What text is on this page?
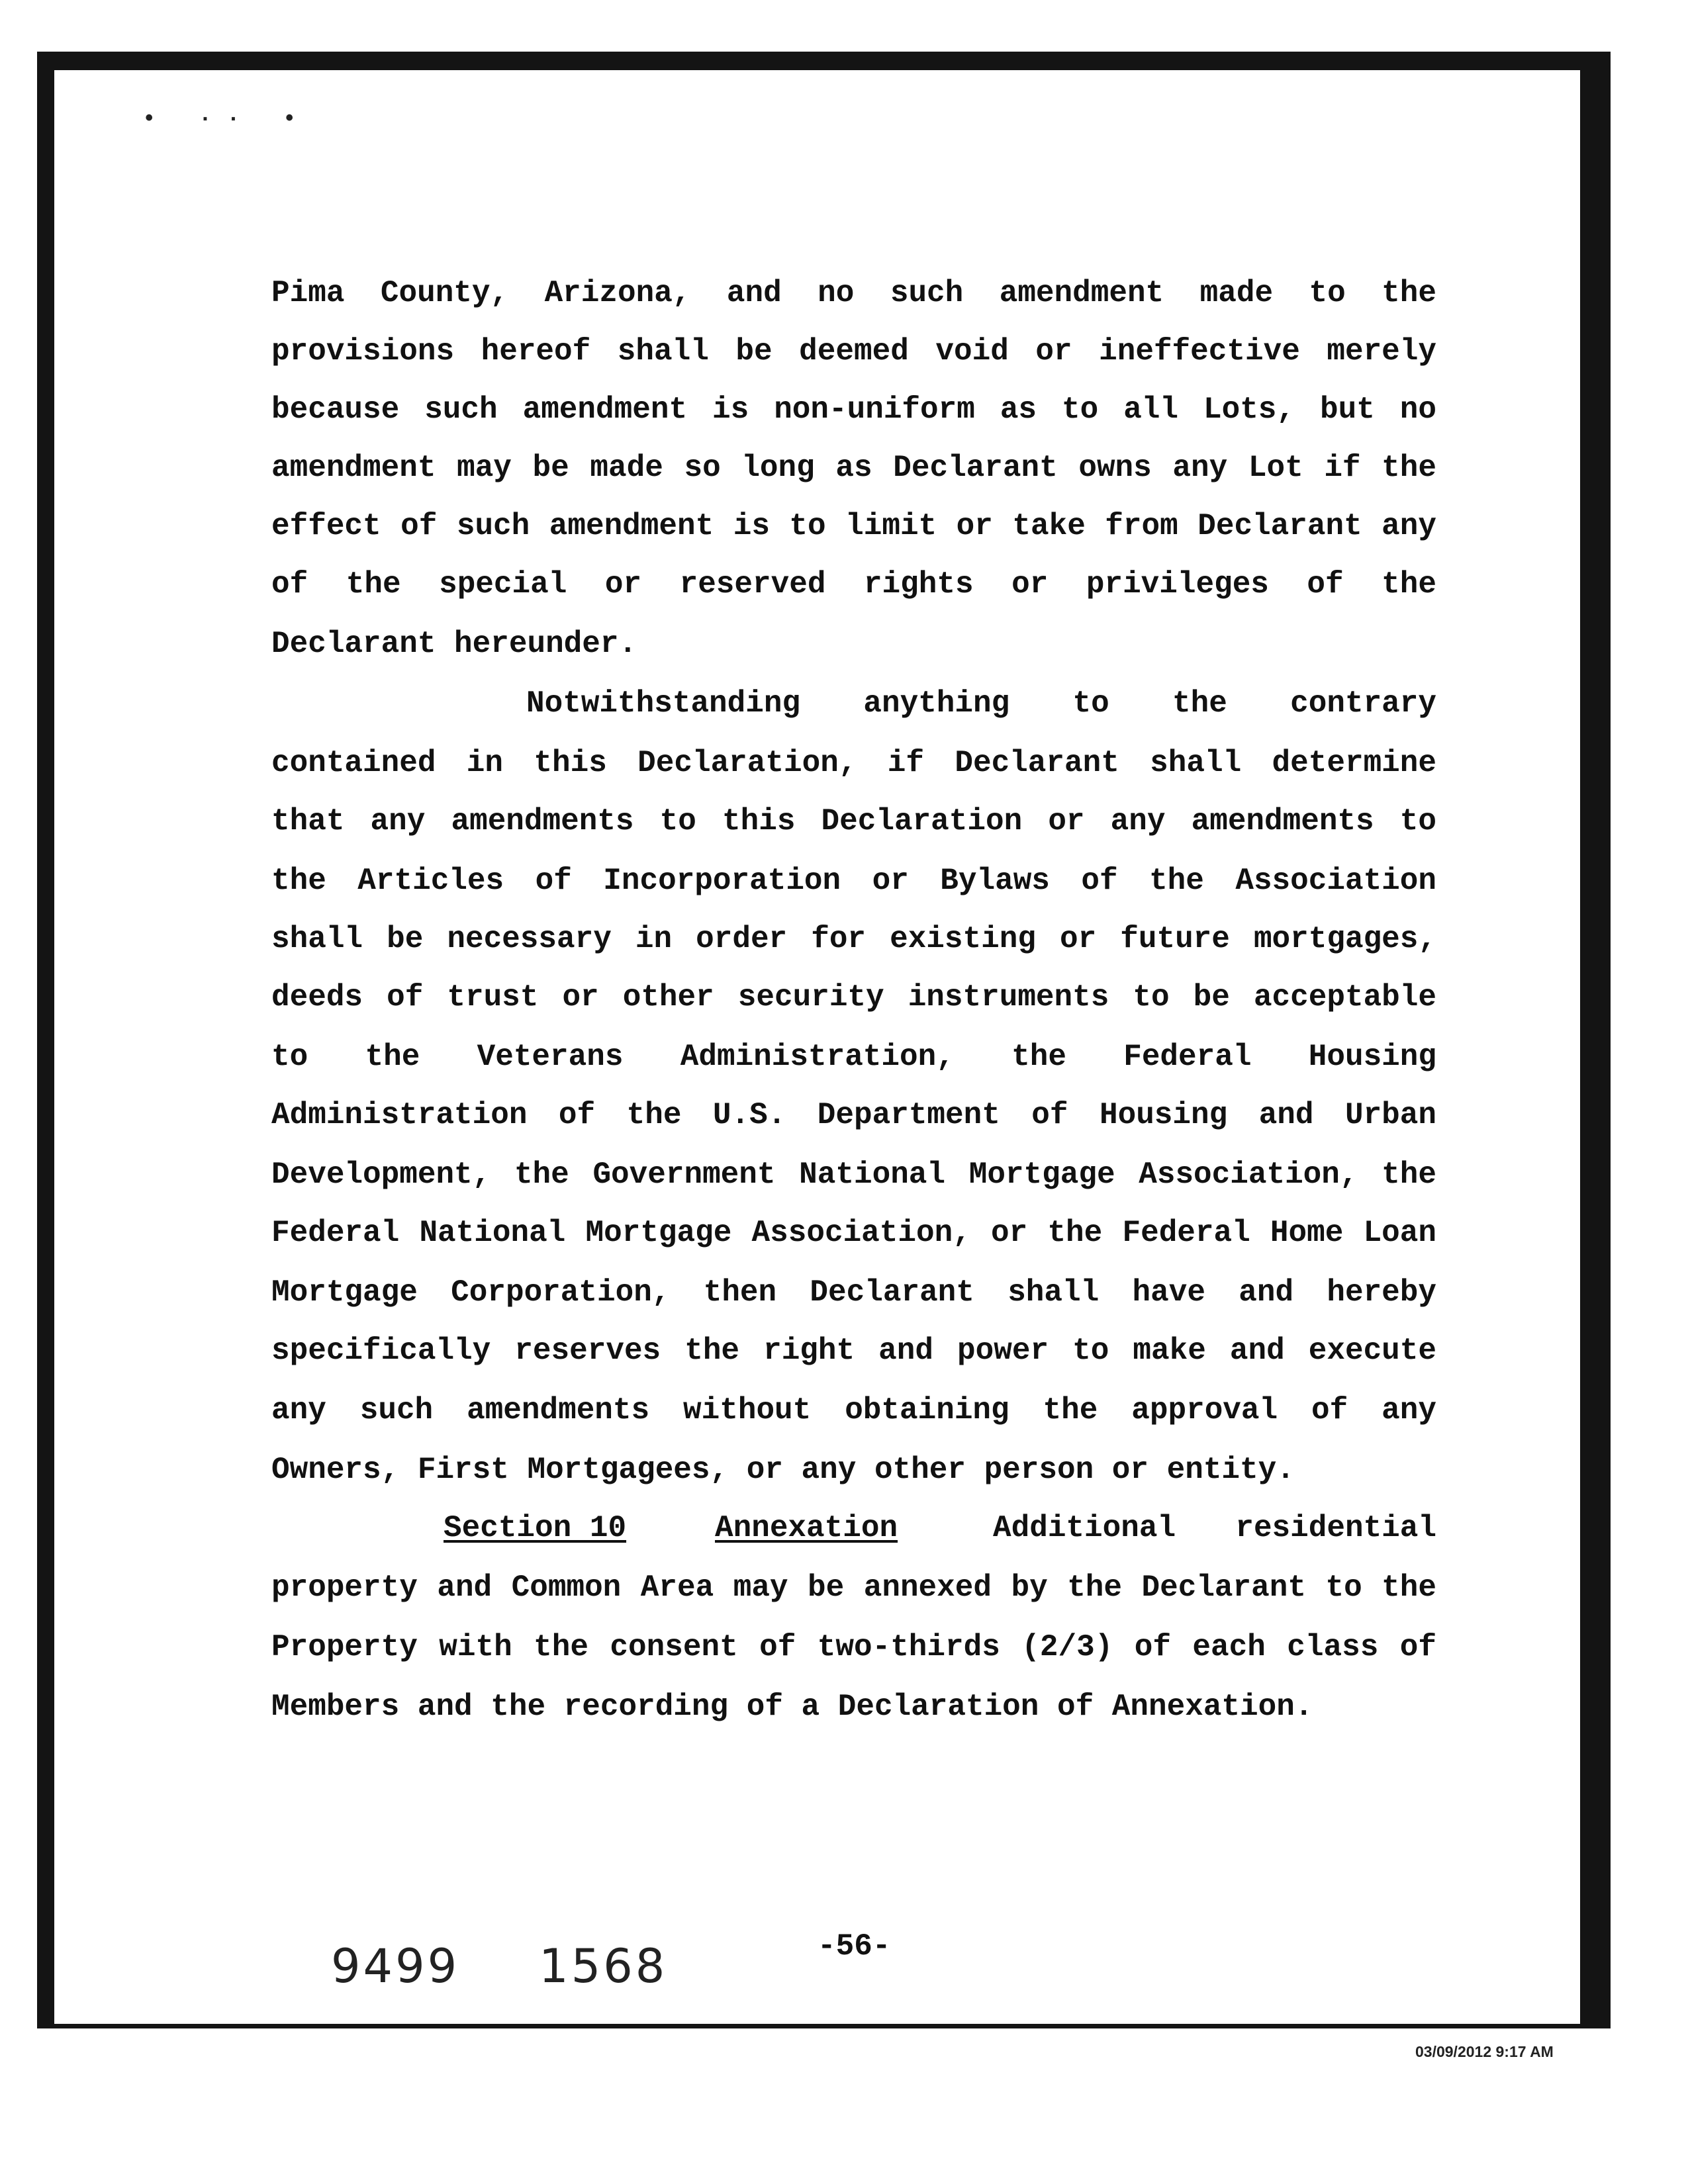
• ·· •
Pima County, Arizona, and no such amendment made to the
provisions hereof shall be deemed void or ineffective merely
because such amendment is non-uniform as to all Lots, but no
amendment may be made so long as Declarant owns any Lot if the
effect of such amendment is to limit or take from Declarant any
of the special or reserved rights or privileges of the
Declarant hereunder.
Notwithstanding anything to the contrary
contained in this Declaration, if Declarant shall determine
that any amendments to this Declaration or any amendments to
the Articles of Incorporation or Bylaws of the Association
shall be necessary in order for existing or future mortgages,
deeds of trust or other security instruments to be acceptable
to the Veterans Administration, the Federal Housing
Administration of the U.S. Department of Housing and Urban
Development, the Government National Mortgage Association, the
Federal National Mortgage Association, or the Federal Home Loan
Mortgage Corporation, then Declarant shall have and hereby
specifically reserves the right and power to make and execute
any such amendments without obtaining the approval of any
Owners, First Mortgagees, or any other person or entity.
Section 10	Annexation	Additional residential
property and Common Area may be annexed by the Declarant to the
Property with the consent of two-thirds (2/3) of each class of
Members and the recording of a Declaration of Annexation.
9499 1568	-56-
03/09/2012 9:17 AM
